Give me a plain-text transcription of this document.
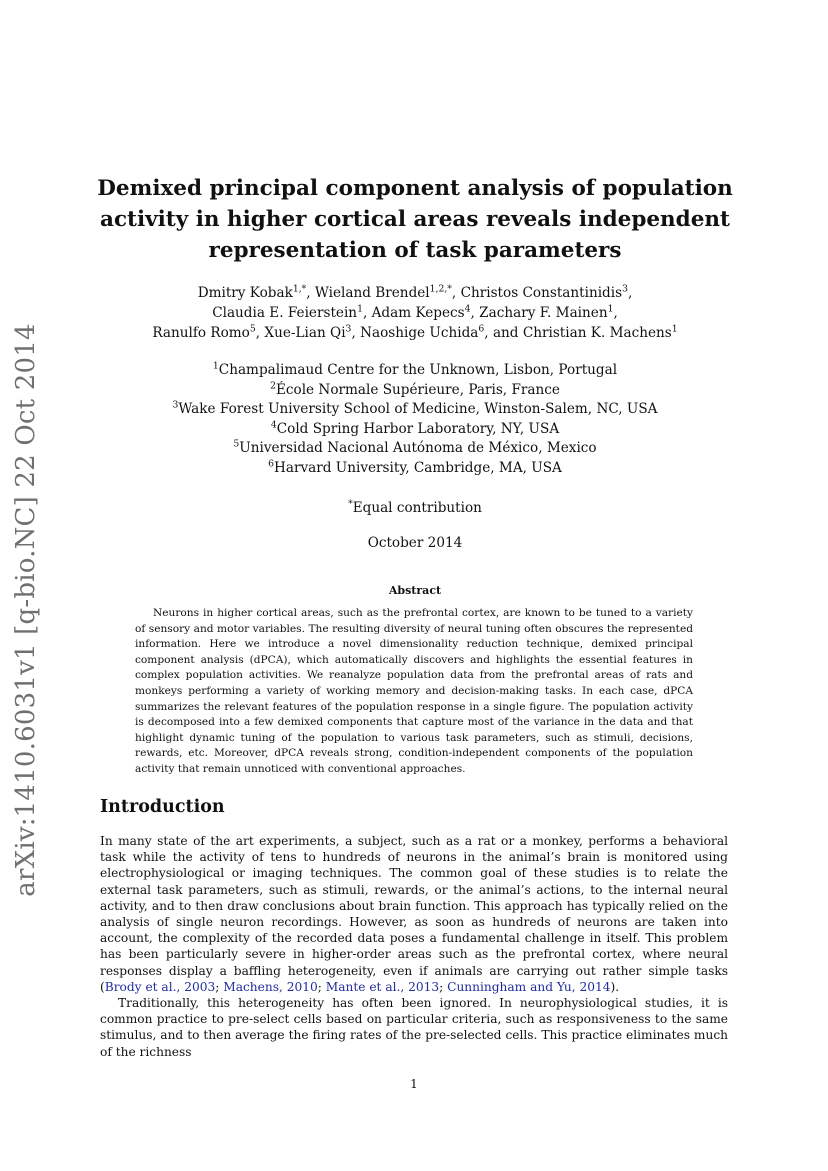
arXiv:1410.6031v1 [q-bio.NC] 22 Oct 2014
Demixed principal component analysis of population
activity in higher cortical areas reveals independent
representation of task parameters
Dmitry Kobak$^{1,*}$, Wieland Brendel$^{1,2,*}$, Christos Constantinidis$^3$,
Claudia E. Feierstein$^1$, Adam Kepecs$^4$, Zachary F. Mainen$^1$,
Ranulfo Romo$^5$, Xue-Lian Qi$^3$, Naoshige Uchida$^6$, and Christian K. Machens$^1$
$^1$Champalimaud Centre for the Unknown, Lisbon, Portugal
$^2$École Normale Supérieure, Paris, France
$^3$Wake Forest University School of Medicine, Winston-Salem, NC, USA
$^4$Cold Spring Harbor Laboratory, NY, USA
$^5$Universidad Nacional Autónoma de México, Mexico
$^6$Harvard University, Cambridge, MA, USA
*Equal contribution
October 2014
Abstract

Neurons in higher cortical areas, such as the prefrontal cortex, are known to be tuned to a variety of sensory and motor variables. The resulting diversity of neural tuning often obscures the represented information. Here we introduce a novel dimensionality reduction technique, demixed principal component analysis (dPCA), which automatically discovers and highlights the essential features in complex population activities. We reanalyze population data from the prefrontal areas of rats and monkeys performing a variety of working memory and decision-making tasks. In each case, dPCA summarizes the relevant features of the population response in a single figure. The population activity is decomposed into a few demixed components that capture most of the variance in the data and that highlight dynamic tuning of the population to various task parameters, such as stimuli, decisions, rewards, etc. Moreover, dPCA reveals strong, condition-independent components of the population activity that remain unnoticed with conventional approaches.

Introduction

In many state of the art experiments, a subject, such as a rat or a monkey, performs a behavioral task while the activity of tens to hundreds of neurons in the animal’s brain is monitored using electrophysiological or imaging techniques. The common goal of these studies is to relate the external task parameters, such as stimuli, rewards, or the animal’s actions, to the internal neural activity, and to then draw conclusions about brain function. This approach has typically relied on the analysis of single neuron recordings. However, as soon as hundreds of neurons are taken into account, the complexity of the recorded data poses a fundamental challenge in itself. This problem has been particularly severe in higher-order areas such as the prefrontal cortex, where neural responses display a baffling heterogeneity, even if animals are carrying out rather simple tasks (Brody et al., 2003; Machens, 2010; Mante et al., 2013; Cunningham and Yu, 2014).

Traditionally, this heterogeneity has often been ignored. In neurophysiological studies, it is common practice to pre-select cells based on particular criteria, such as responsiveness to the same stimulus, and to then average the firing rates of the pre-selected cells. This practice eliminates much of the richness

1
